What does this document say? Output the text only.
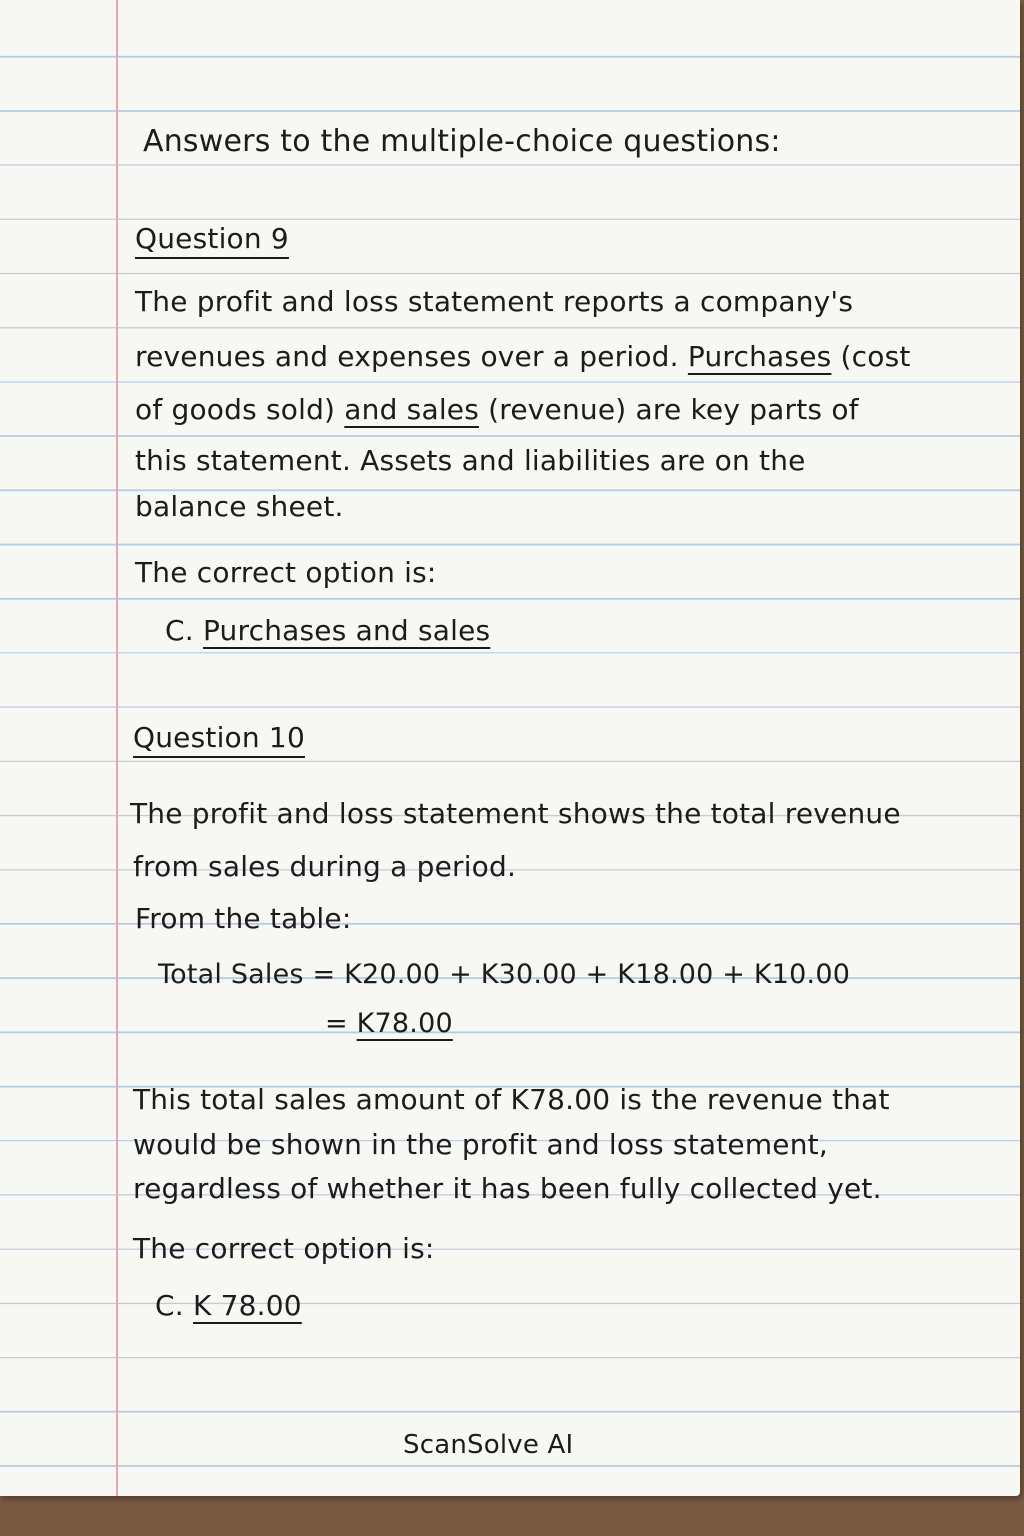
Answers to the multiple-choice questions:

Question 9

The profit and loss statement reports a company's

revenues and expenses over a period. Purchases (cost

of goods sold) and sales (revenue) are key parts of

this statement. Assets and liabilities are on the

balance sheet.

The correct option is:

C. Purchases and sales

Question 10

The profit and loss statement shows the total revenue

from sales during a period.

From the table:

Total Sales = K20.00 + K30.00 + K18.00 + K10.00

= K78.00

This total sales amount of K78.00 is the revenue that

would be shown in the profit and loss statement,

regardless of whether it has been fully collected yet.

The correct option is:

C. K 78.00

ScanSolve AI
